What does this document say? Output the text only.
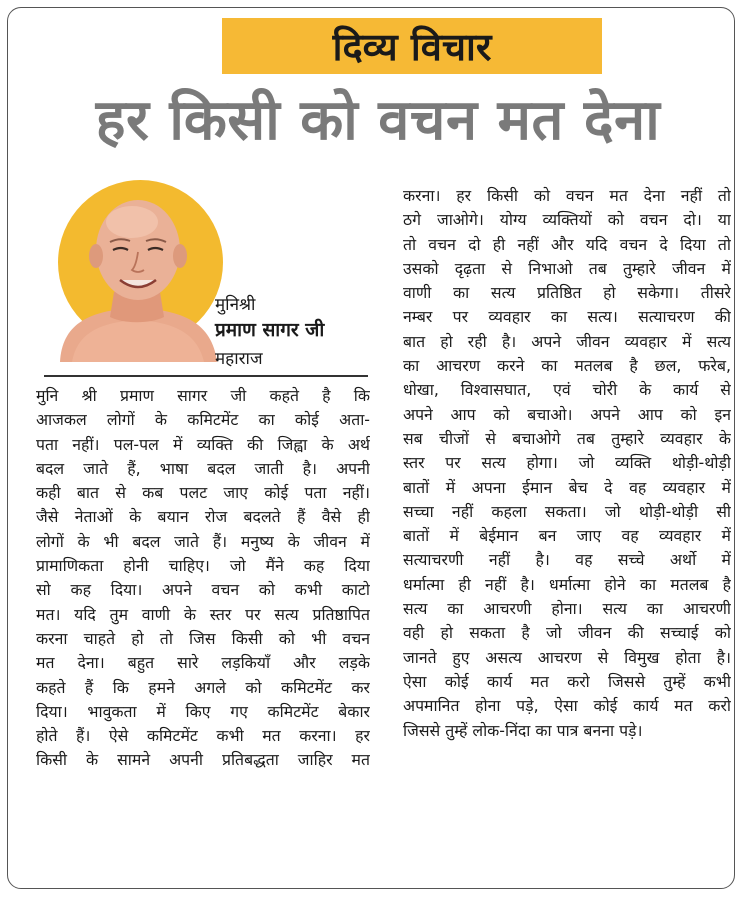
दिव्य विचार
हर किसी को वचन मत देना
मुनिश्री
प्रमाण सागर जी
महाराज
मुनि श्री प्रमाण सागर जी कहते है कि
आजकल लोगों के कमिटमेंट का कोई अता-
पता नहीं। पल-पल में व्यक्ति की जिह्वा के अर्थ
बदल जाते हैं, भाषा बदल जाती है। अपनी
कही बात से कब पलट जाए कोई पता नहीं।
जैसे नेताओं के बयान रोज बदलते हैं वैसे ही
लोगों के भी बदल जाते हैं। मनुष्य के जीवन में
प्रामाणिकता होनी चाहिए। जो मैंने कह दिया
सो कह दिया। अपने वचन को कभी काटो
मत। यदि तुम वाणी के स्तर पर सत्य प्रतिष्ठापित
करना चाहते हो तो जिस किसी को भी वचन
मत देना। बहुत सारे लड़कियाँ और लड़के
कहते हैं कि हमने अगले को कमिटमेंट कर
दिया। भावुकता में किए गए कमिटमेंट बेकार
होते हैं। ऐसे कमिटमेंट कभी मत करना। हर
किसी के सामने अपनी प्रतिबद्धता जाहिर मत
करना। हर किसी को वचन मत देना नहीं तो
ठगे जाओगे। योग्य व्यक्तियों को वचन दो। या
तो वचन दो ही नहीं और यदि वचन दे दिया तो
उसको दृढ़ता से निभाओ तब तुम्हारे जीवन में
वाणी का सत्य प्रतिष्ठित हो सकेगा। तीसरे
नम्बर पर व्यवहार का सत्य। सत्याचरण की
बात हो रही है। अपने जीवन व्यवहार में सत्य
का आचरण करने का मतलब है छल, फरेब,
धोखा, विश्वासघात, एवं चोरी के कार्य से
अपने आप को बचाओ। अपने आप को इन
सब चीजों से बचाओगे तब तुम्हारे व्यवहार के
स्तर पर सत्य होगा। जो व्यक्ति थोड़ी-थोड़ी
बातों में अपना ईमान बेच दे वह व्यवहार में
सच्चा नहीं कहला सकता। जो थोड़ी-थोड़ी सी
बातों में बेईमान बन जाए वह व्यवहार में
सत्याचरणी नहीं है। वह सच्चे अर्थो में
धर्मात्मा ही नहीं है। धर्मात्मा होने का मतलब है
सत्य का आचरणी होना। सत्य का आचरणी
वही हो सकता है जो जीवन की सच्चाई को
जानते हुए असत्य आचरण से विमुख होता है।
ऐसा कोई कार्य मत करो जिससे तुम्हें कभी
अपमानित होना पड़े, ऐसा कोई कार्य मत करो
जिससे तुम्हें लोक-निंदा का पात्र बनना पड़े।
